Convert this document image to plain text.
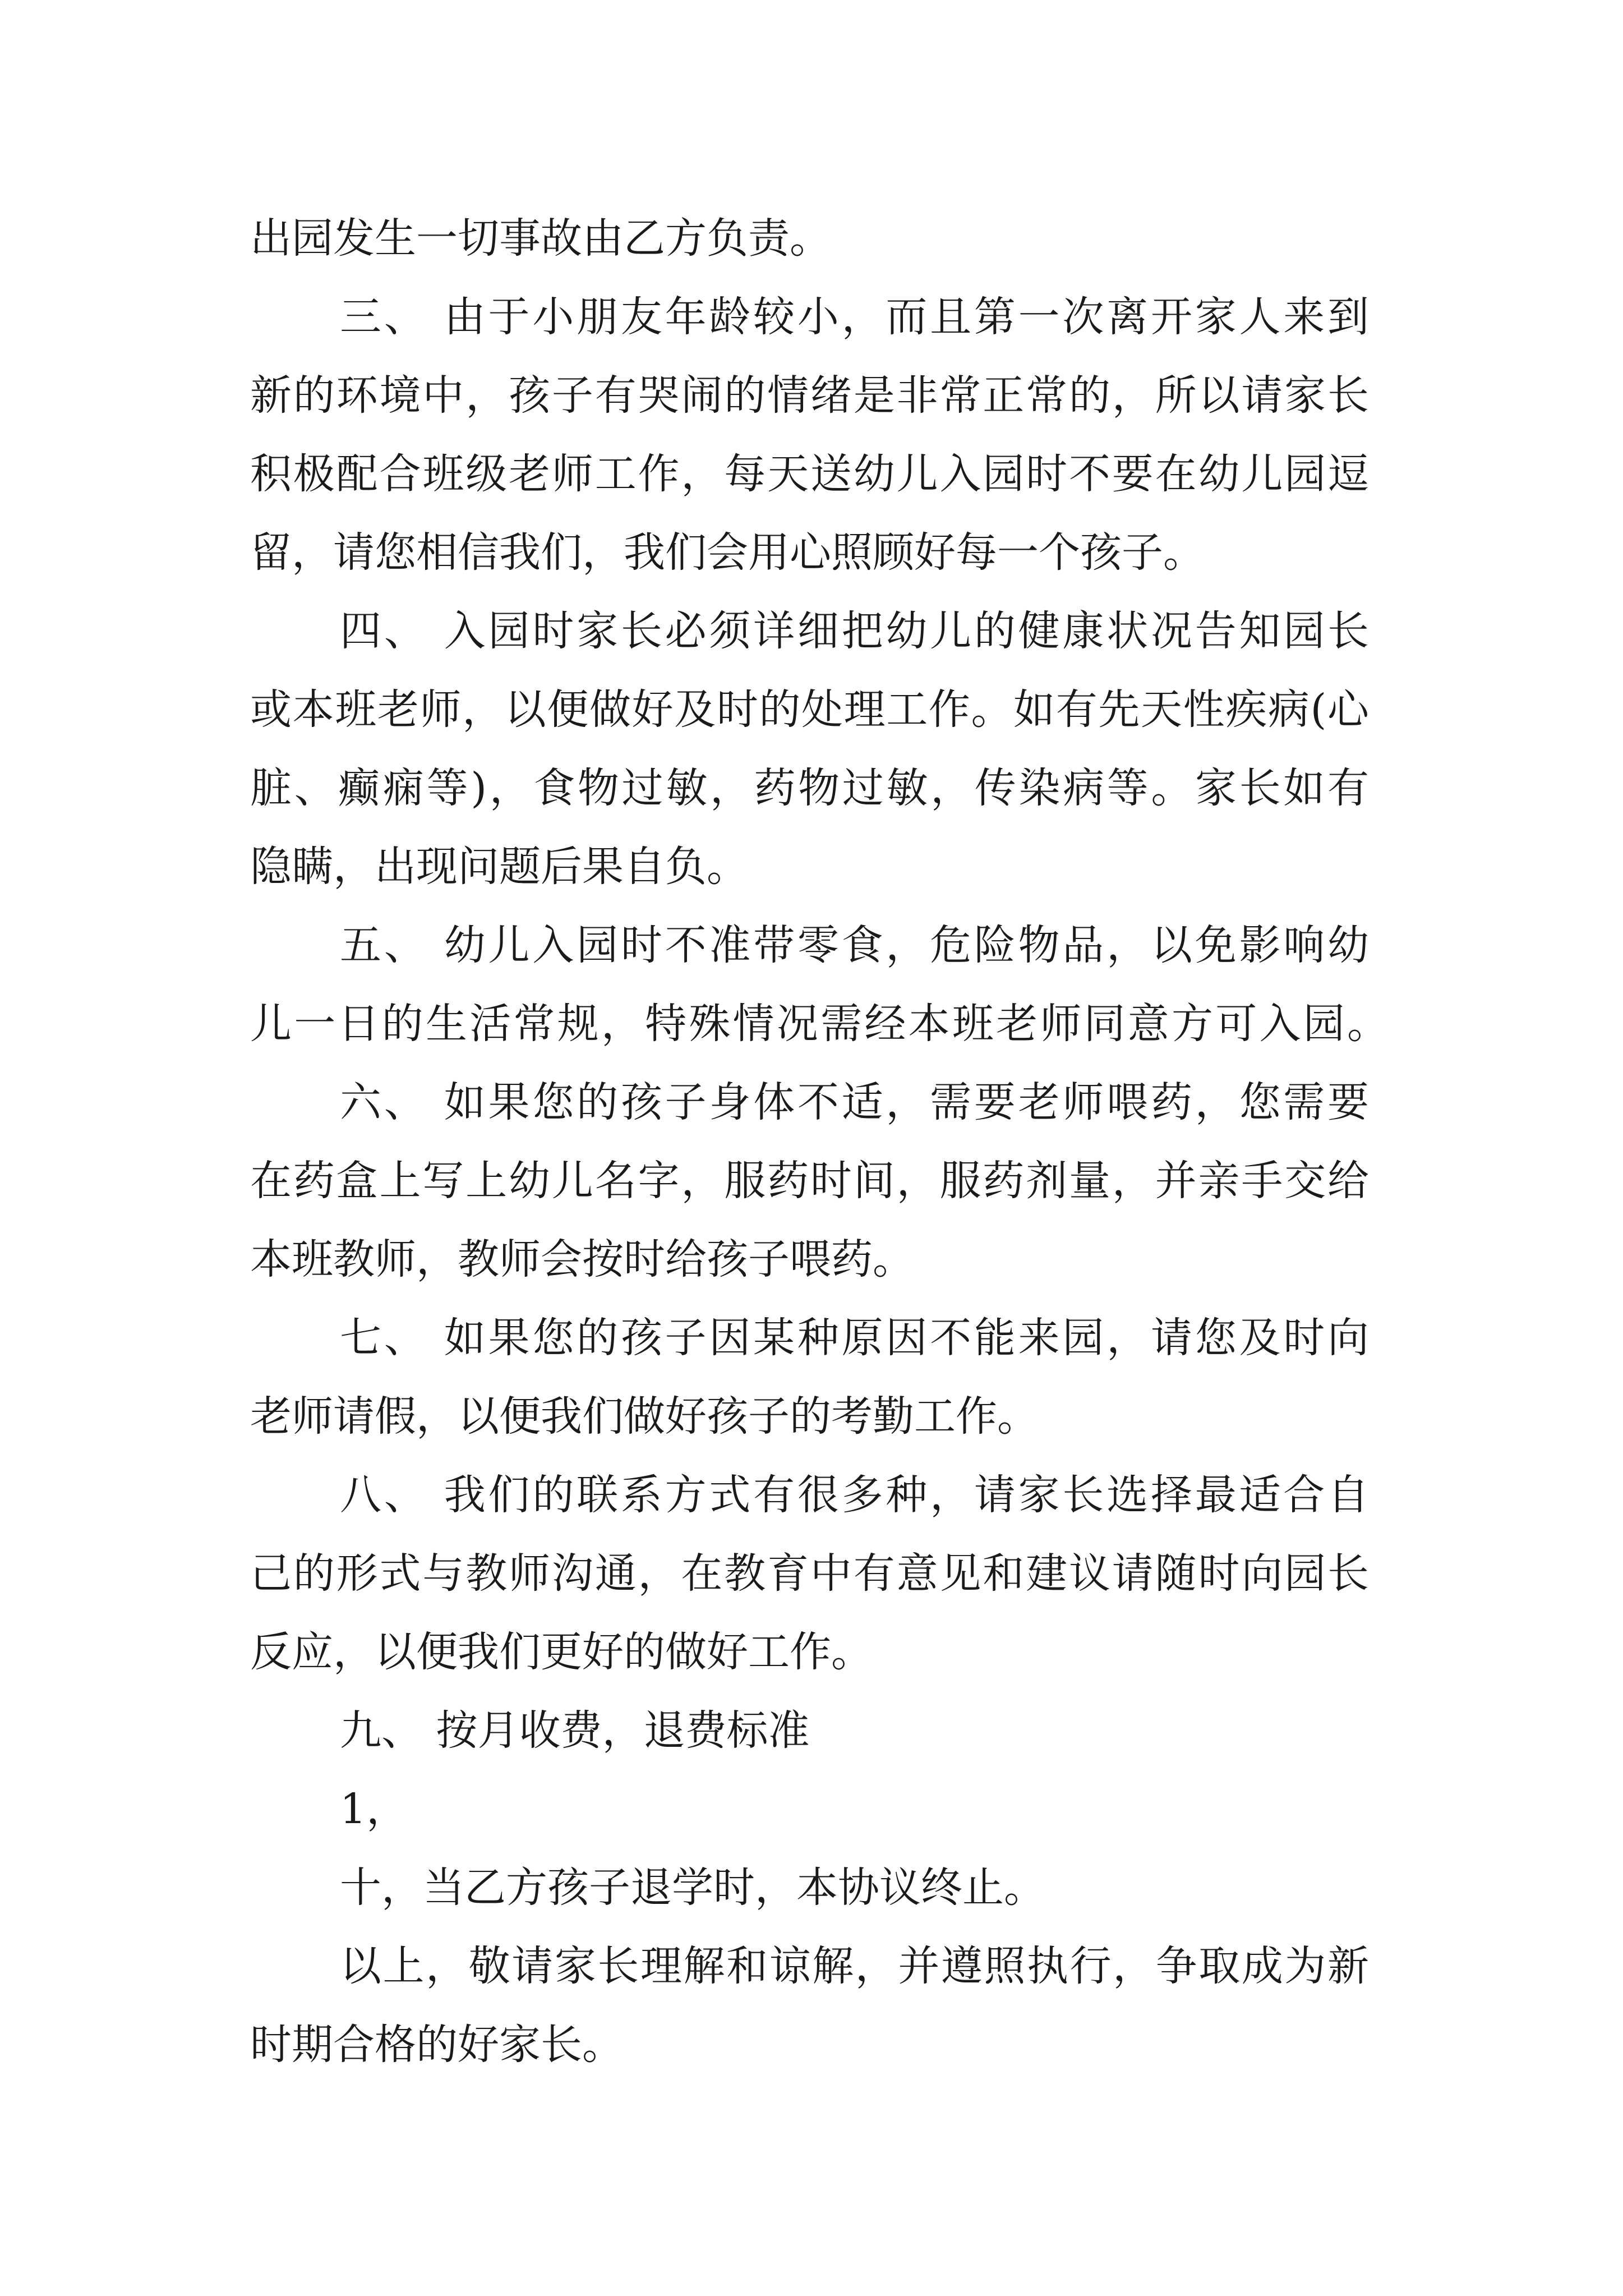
出园发生一切事故由乙方负责。
三、 由于小朋友年龄较小，而且第一次离开家人来到
新的环境中，孩子有哭闹的情绪是非常正常的，所以请家长
积极配合班级老师工作，每天送幼儿入园时不要在幼儿园逗
留，请您相信我们，我们会用心照顾好每一个孩子。
四、 入园时家长必须详细把幼儿的健康状况告知园长
或本班老师，以便做好及时的处理工作。如有先天性疾病(心
脏、癫痫等)，食物过敏，药物过敏，传染病等。家长如有
隐瞒，出现问题后果自负。
五、 幼儿入园时不准带零食，危险物品，以免影响幼
儿一日的生活常规，特殊情况需经本班老师同意方可入园。
六、 如果您的孩子身体不适，需要老师喂药，您需要
在药盒上写上幼儿名字，服药时间，服药剂量，并亲手交给
本班教师，教师会按时给孩子喂药。
七、 如果您的孩子因某种原因不能来园，请您及时向
老师请假，以便我们做好孩子的考勤工作。
八、 我们的联系方式有很多种，请家长选择最适合自
己的形式与教师沟通，在教育中有意见和建议请随时向园长
反应，以便我们更好的做好工作。
九、 按月收费，退费标准
1，
十，当乙方孩子退学时，本协议终止。
以上，敬请家长理解和谅解，并遵照执行，争取成为新
时期合格的好家长。
